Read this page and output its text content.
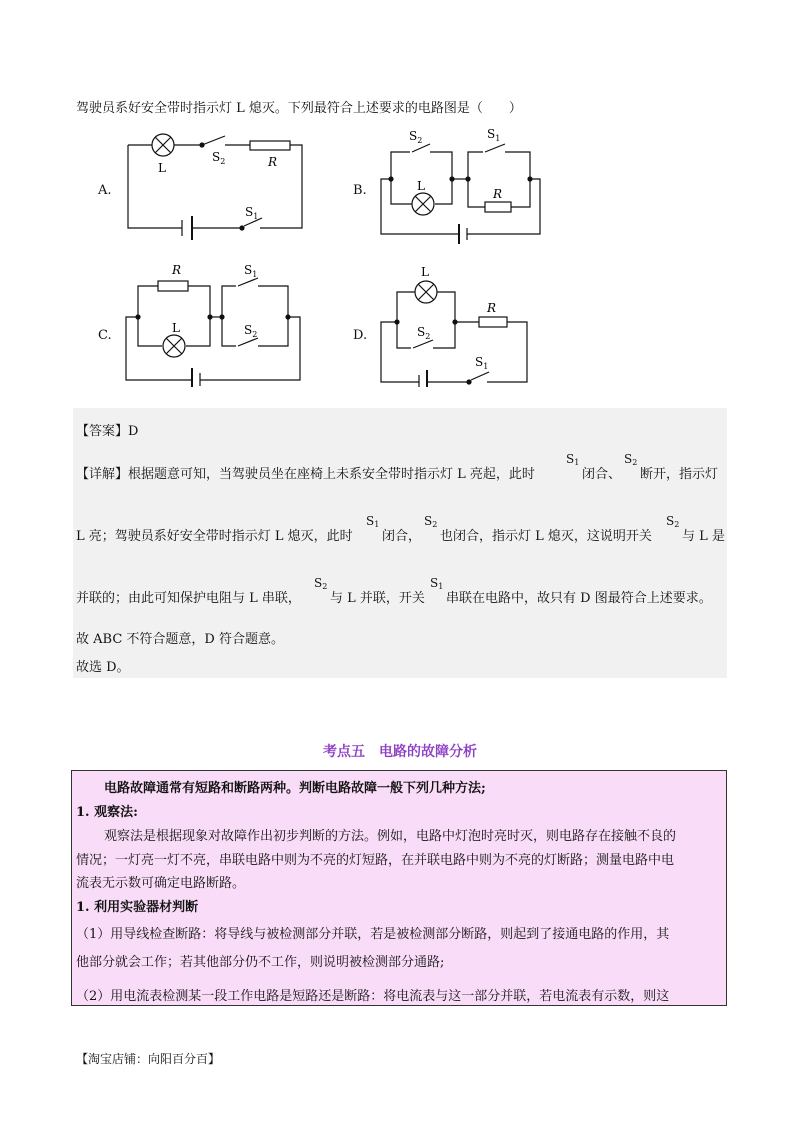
驾驶员系好安全带时指示灯 L 熄灭。下列最符合上述要求的电路图是（　　）
A.
L
$S_2$	R
$S_1$
B.
$S_2$
L
$S_1$
R
C.
R
L
$S_1$
$S_2$	D.
L
R
$S_2$
$S_1$
【答案】D
【详解】根据题意可知，当驾驶员坐在座椅上未系安全带时指示灯 L 亮起，此时
$S_1$
闭合、
$S_2$
断开，指示灯
L 亮；驾驶员系好安全带时指示灯 L 熄灭，此时
$S_1$
闭合，
$S_2$
也闭合，指示灯 L 熄灭，这说明开关
$S_2$
与 L 是
并联的；由此可知保护电阻与 L 串联，
$S_2$
与 L 并联，开关
$S_1$
串联在电路中，故只有 D 图最符合上述要求。
故 ABC 不符合题意，D 符合题意。
故选 D。
考点五　电路的故障分析
电路故障通常有短路和断路两种。判断电路故障一般下列几种方法;
1. 观察法:
观察法是根据现象对故障作出初步判断的方法。例如，电路中灯泡时亮时灭，则电路存在接触不良的
情况；一灯亮一灯不亮，串联电路中则为不亮的灯短路，在并联电路中则为不亮的灯断路；测量电路中电
流表无示数可确定电路断路。
1. 利用实验器材判断
（1）用导线检查断路：将导线与被检测部分并联，若是被检测部分断路，则起到了接通电路的作用，其
他部分就会工作；若其他部分仍不工作，则说明被检测部分通路;
（2）用电流表检测某一段工作电路是短路还是断路：将电流表与这一部分并联，若电流表有示数，则这
【淘宝店铺：向阳百分百】
